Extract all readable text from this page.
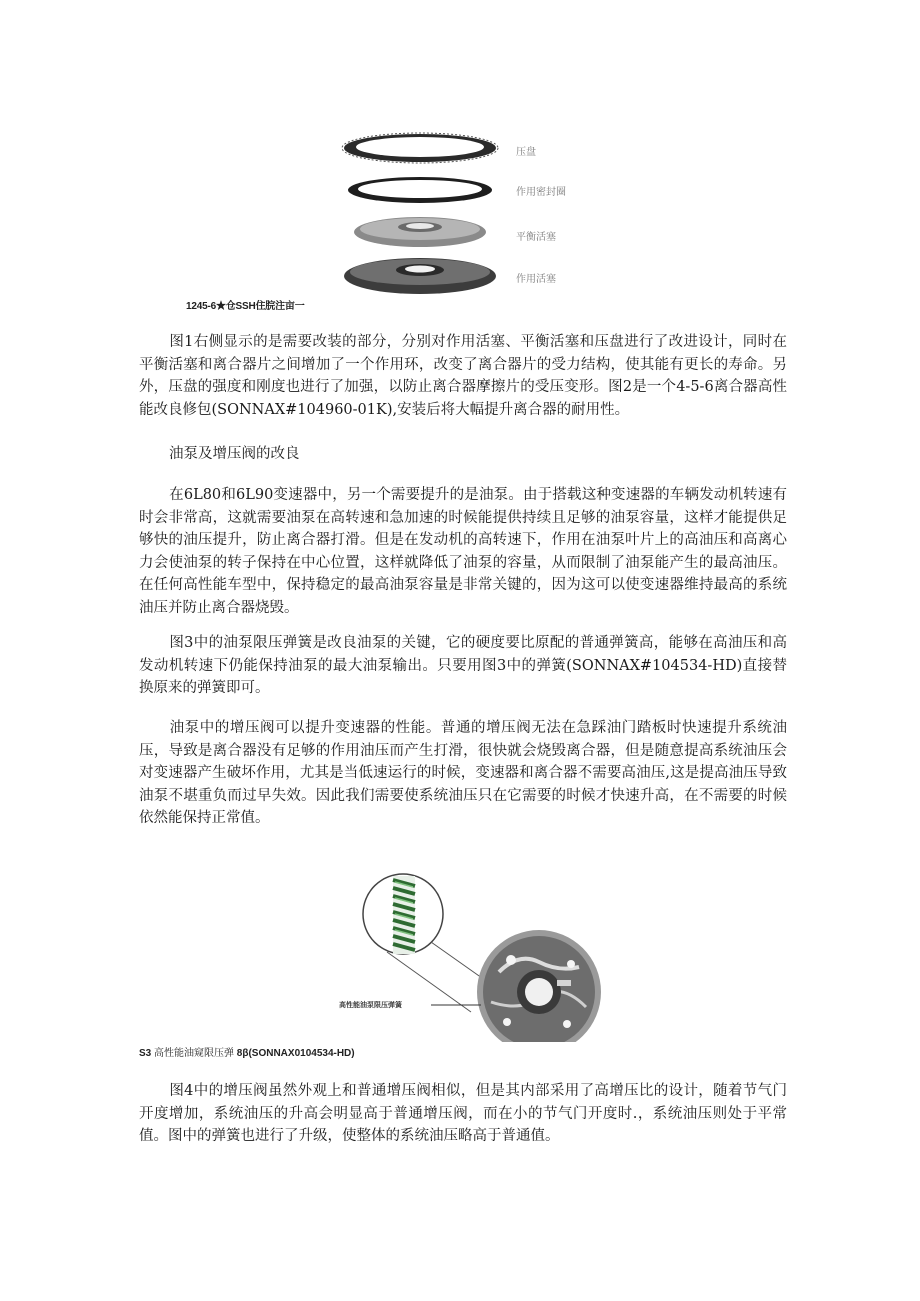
压盘
作用密封圈
平衡活塞
作用活塞
1245-6★仓SSH住脘注亩一

图1右侧显示的是需要改装的部分，分别对作用活塞、平衡活塞和压盘进行了改进设计，同时在平衡活塞和离合器片之间增加了一个作用环，改变了离合器片的受力结构，使其能有更长的寿命。另外，压盘的强度和刚度也进行了加强，以防止离合器摩擦片的受压变形。图2是一个4-5-6离合器高性能改良修包(SONNAX#104960-01K),安装后将大幅提升离合器的耐用性。

油泵及增压阀的改良

在6L80和6L90变速器中，另一个需要提升的是油泵。由于搭载这种变速器的车辆发动机转速有时会非常高，这就需要油泵在高转速和急加速的时候能提供持续且足够的油泵容量，这样才能提供足够快的油压提升，防止离合器打滑。但是在发动机的高转速下，作用在油泵叶片上的高油压和高离心力会使油泵的转子保持在中心位置，这样就降低了油泵的容量，从而限制了油泵能产生的最高油压。在任何高性能车型中，保持稳定的最高油泵容量是非常关键的，因为这可以使变速器维持最高的系统油压并防止离合器烧毁。

图3中的油泵限压弹簧是改良油泵的关键，它的硬度要比原配的普通弹簧高，能够在高油压和高发动机转速下仍能保持油泵的最大油泵输出。只要用图3中的弹簧(SONNAX#104534-HD)直接替换原来的弹簧即可。

油泵中的增压阀可以提升变速器的性能。普通的增压阀无法在急踩油门踏板时快速提升系统油压，导致是离合器没有足够的作用油压而产生打滑，很快就会烧毁离合器，但是随意提高系统油压会对变速器产生破坏作用，尤其是当低速运行的时候，变速器和离合器不需要高油压,这是提高油压导致油泵不堪重负而过早失效。因此我们需要使系统油压只在它需要的时候才快速升高，在不需要的时候依然能保持正常值。

高性能油泵限压弹簧
S3 高性能油窥限压弹 8β(SONNAX0104534-HD)

图4中的增压阀虽然外观上和普通增压阀相似，但是其内部采用了高增压比的设计，随着节气门开度增加，系统油压的升高会明显高于普通增压阀，而在小的节气门开度时.，系统油压则处于平常值。图中的弹簧也进行了升级，使整体的系统油压略高于普通值。
